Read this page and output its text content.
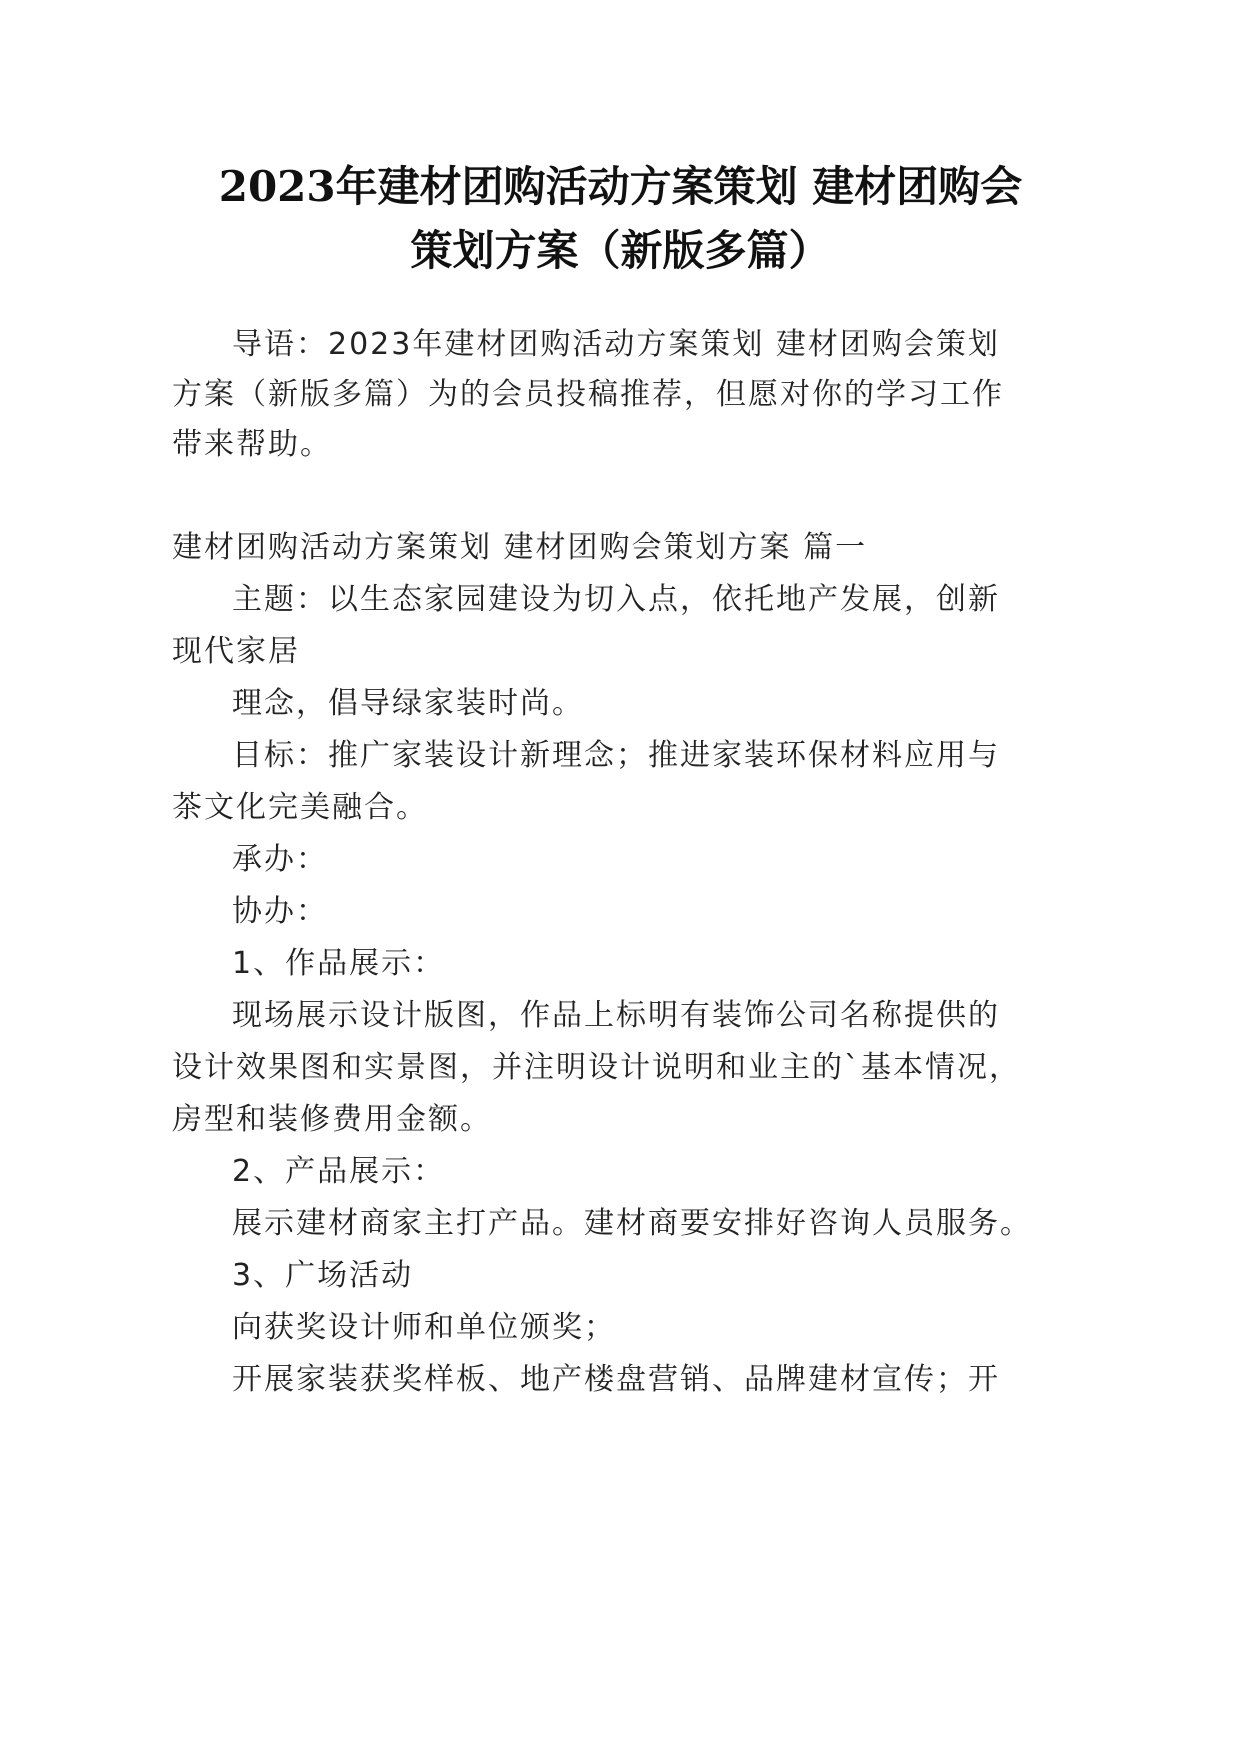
2023年建材团购活动方案策划 建材团购会
策划方案（新版多篇）

导语：2023年建材团购活动方案策划 建材团购会策划

方案（新版多篇）为的会员投稿推荐，但愿对你的学习工作

带来帮助。

建材团购活动方案策划 建材团购会策划方案 篇一

主题：以生态家园建设为切入点，依托地产发展，创新

现代家居

理念，倡导绿家装时尚。

目标：推广家装设计新理念；推进家装环保材料应用与

茶文化完美融合。

承办：

协办：

1、作品展示：

现场展示设计版图，作品上标明有装饰公司名称提供的

设计效果图和实景图，并注明设计说明和业主的`基本情况，

房型和装修费用金额。

2、产品展示：

展示建材商家主打产品。建材商要安排好咨询人员服务。

3、广场活动

向获奖设计师和单位颁奖；

开展家装获奖样板、地产楼盘营销、品牌建材宣传；开
